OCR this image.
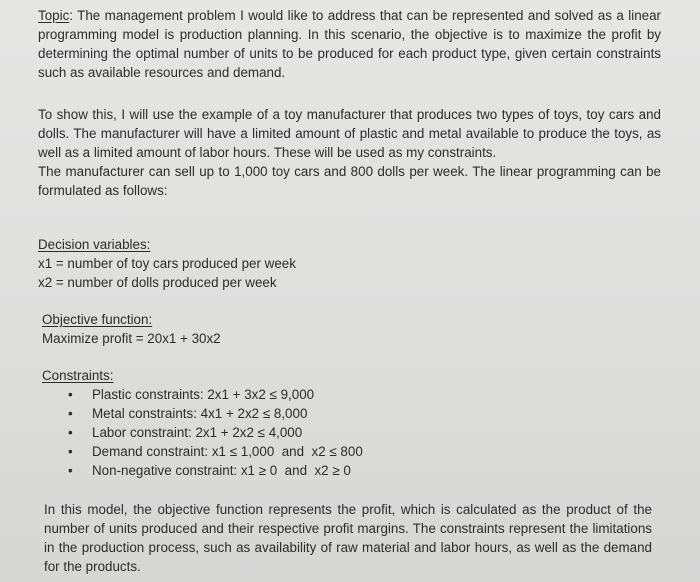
Topic: The management problem I would like to address that can be represented and solved as a linear programming model is production planning. In this scenario, the objective is to maximize the profit by determining the optimal number of units to be produced for each product type, given certain constraints such as available resources and demand.

To show this, I will use the example of a toy manufacturer that produces two types of toys, toy cars and dolls. The manufacturer will have a limited amount of plastic and metal available to produce the toys, as well as a limited amount of labor hours. These will be used as my constraints.

The manufacturer can sell up to 1,000 toy cars and 800 dolls per week. The linear programming can be formulated as follows:

Decision variables:
x1 = number of toy cars produced per week
x2 = number of dolls produced per week
Objective function:
Maximize profit = 20x1 + 30x2
Constraints:
• Plastic constraints: 2x1 + 3x2 ≤ 9,000
• Metal constraints: 4x1 + 2x2 ≤ 8,000
• Labor constraint: 2x1 + 2x2 ≤ 4,000
• Demand constraint: x1 ≤ 1,000  and  x2 ≤ 800
• Non-negative constraint: x1 ≥ 0  and  x2 ≥ 0

In this model, the objective function represents the profit, which is calculated as the product of the number of units produced and their respective profit margins. The constraints represent the limitations in the production process, such as availability of raw material and labor hours, as well as the demand for the products.
